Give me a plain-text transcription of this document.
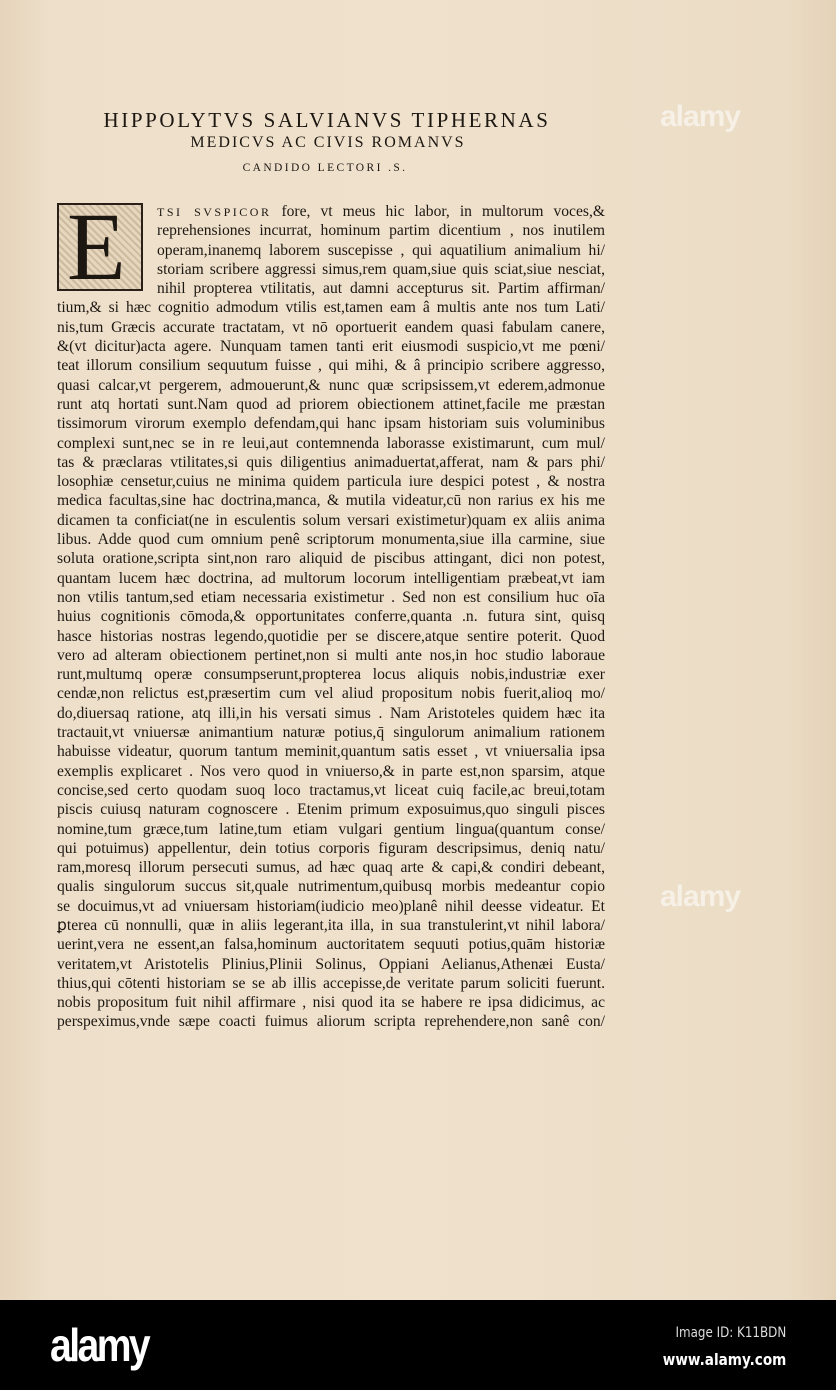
HIPPOLYTVS SALVIANVS TIPHERNAS
MEDICVS AC CIVIS ROMANVS
CANDIDO LECTORI .S.
E	TSI SVSPICOR fore, vt meus hic labor, in multorum voces,&
reprehensiones incurrat, hominum partim dicentium , nos inutilem
operam,inanemq laborem suscepisse , qui aquatilium animalium hi/
storiam scribere aggressi simus,rem quam,siue quis sciat,siue nesciat,
nihil propterea vtilitatis, aut damni accepturus sit. Partim affirman/
tium,& si hæc cognitio admodum vtilis est,tamen eam â multis ante nos tum Lati/
nis,tum Græcis accurate tractatam, vt nō oportuerit eandem quasi fabulam canere,
&(vt dicitur)acta agere. Nunquam tamen tanti erit eiusmodi suspicio,vt me pœni/
teat illorum consilium sequutum fuisse , qui mihi, & â principio scribere aggresso,
quasi calcar,vt pergerem, admouerunt,& nunc quæ scripsissem,vt ederem,admonue
runt atq hortati sunt.Nam quod ad priorem obiectionem attinet,facile me præstan
tissimorum virorum exemplo defendam,qui hanc ipsam historiam suis voluminibus
complexi sunt,nec se in re leui,aut contemnenda laborasse existimarunt, cum mul/
tas & præclaras vtilitates,si quis diligentius animaduertat,afferat, nam & pars phi/
losophiæ censetur,cuius ne minima quidem particula iure despici potest , & nostra
medica facultas,sine hac doctrina,manca, & mutila videatur,cū non rarius ex his me
dicamen ta conficiat(ne in esculentis solum versari existimetur)quam ex aliis anima
libus. Adde quod cum omnium penê scriptorum monumenta,siue illa carmine, siue
soluta oratione,scripta sint,non raro aliquid de piscibus attingant, dici non potest,
quantam lucem hæc doctrina, ad multorum locorum intelligentiam præbeat,vt iam
non vtilis tantum,sed etiam necessaria existimetur . Sed non est consilium huc oīa
huius cognitionis cōmoda,& opportunitates conferre,quanta .n. futura sint, quisq
hasce historias nostras legendo,quotidie per se discere,atque sentire poterit. Quod
vero ad alteram obiectionem pertinet,non si multi ante nos,in hoc studio laboraue
runt,multumq operæ consumpserunt,propterea locus aliquis nobis,industriæ exer
cendæ,non relictus est,præsertim cum vel aliud propositum nobis fuerit,alioq mo/
do,diuersaq ratione, atq illi,in his versati simus . Nam Aristoteles quidem hæc ita
tractauit,vt vniuersæ animantium naturæ potius,q̄ singulorum animalium rationem
habuisse videatur, quorum tantum meminit,quantum satis esset , vt vniuersalia ipsa
exemplis explicaret . Nos vero quod in vniuerso,& in parte est,non sparsim, atque
concise,sed certo quodam suoq loco tractamus,vt liceat cuiq facile,ac breui,totam
piscis cuiusq naturam cognoscere . Etenim primum exposuimus,quo singuli pisces
nomine,tum græce,tum latine,tum etiam vulgari gentium lingua(quantum conse/
qui potuimus) appellentur, dein totius corporis figuram descripsimus, deniq natu/
ram,moresq illorum persecuti sumus, ad hæc quaq arte & capi,& condiri debeant,
qualis singulorum succus sit,quale nutrimentum,quibusq morbis medeantur copio
se docuimus,vt ad vniuersam historiam(iudicio meo)planê nihil deesse videatur. Et
ꝑterea cū nonnulli, quæ in aliis legerant,ita illa, in sua transtulerint,vt nihil labora/
uerint,vera ne essent,an falsa,hominum auctoritatem sequuti potius,quām historiæ
veritatem,vt Aristotelis Plinius,Plinii Solinus, Oppiani Aelianus,Athenæi Eusta/
thius,qui cōtenti historiam se se ab illis accepisse,de veritate parum soliciti fuerunt.
nobis propositum fuit nihil affirmare , nisi quod ita se habere re ipsa didicimus, ac
perspeximus,vnde sæpe coacti fuimus aliorum scripta reprehendere,non sanê con/
alamy
alamy
alamy	Image ID: K11BDN
www.alamy.com
